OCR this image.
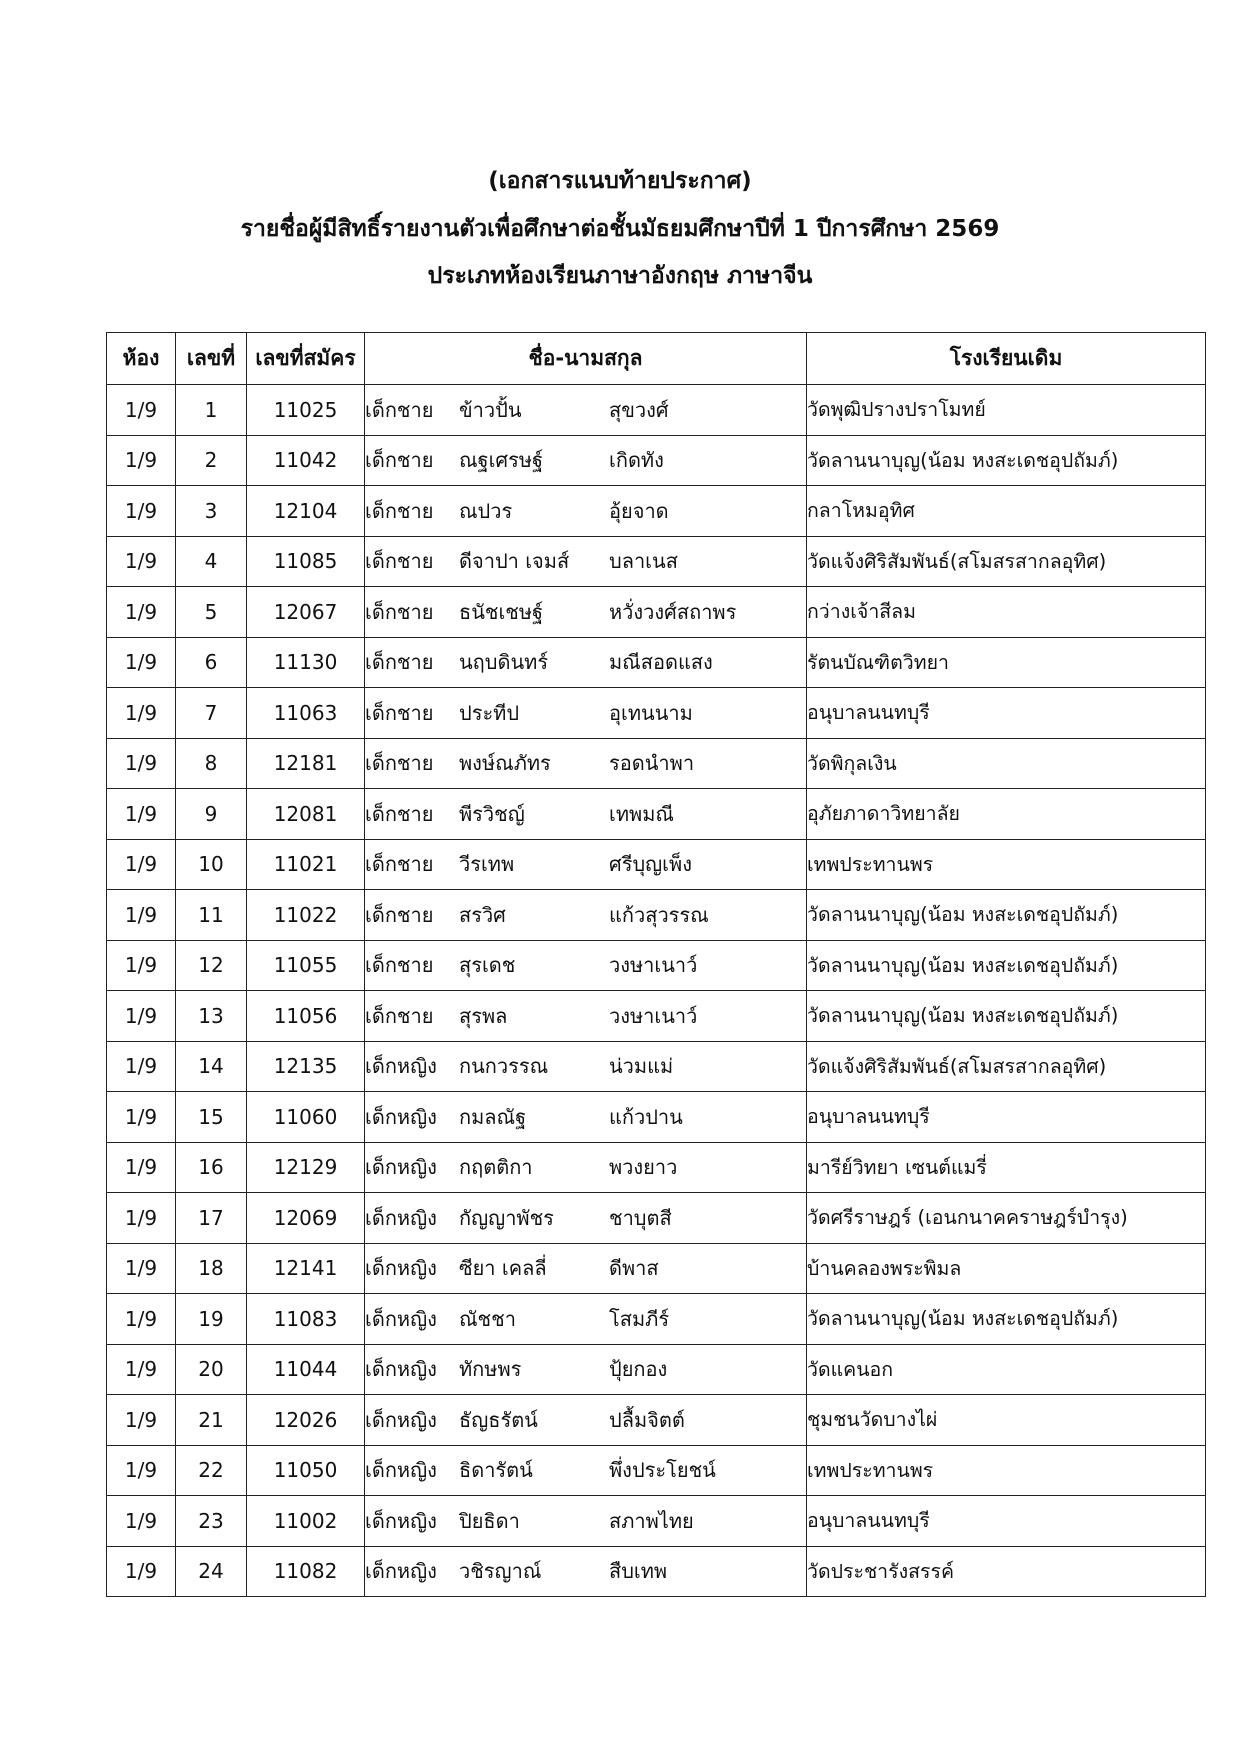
(เอกสารแนบท้ายประกาศ)
รายชื่อผู้มีสิทธิ์รายงานตัวเพื่อศึกษาต่อชั้นมัธยมศึกษาปีที่ 1 ปีการศึกษา 2569
ประเภทห้องเรียนภาษาอังกฤษ ภาษาจีน
ห้อง	เลขที่	เลขที่สมัคร	ชื่อ-นามสกุล	โรงเรียนเดิม
1/9	1	11025	เด็กชาย ข้าวปั้น สุขวงศ์	วัดพุฒิปรางปราโมทย์
1/9	2	11042	เด็กชาย ณฐเศรษฐ์ เกิดทัง	วัดลานนาบุญ(น้อม หงสะเดชอุปถัมภ์)
1/9	3	12104	เด็กชาย ณปวร อุ้ยจาด	กลาโหมอุทิศ
1/9	4	11085	เด็กชาย ดีจาปา เจมส์ บลาเนส	วัดแจ้งศิริสัมพันธ์(สโมสรสากลอุทิศ)
1/9	5	12067	เด็กชาย ธนัชเชษฐ์ หวั่งวงศ์สถาพร	กว่างเจ้าสีลม
1/9	6	11130	เด็กชาย นฤบดินทร์ มณีสอดแสง	รัตนบัณฑิตวิทยา
1/9	7	11063	เด็กชาย ประทีป อุเทนนาม	อนุบาลนนทบุรี
1/9	8	12181	เด็กชาย พงษ์ณภัทร รอดนำพา	วัดพิกุลเงิน
1/9	9	12081	เด็กชาย พีรวิชญ์ เทพมณี	อุภัยภาดาวิทยาลัย
1/9	10	11021	เด็กชาย วีรเทพ ศรีบุญเพ็ง	เทพประทานพร
1/9	11	11022	เด็กชาย สรวิศ แก้วสุวรรณ	วัดลานนาบุญ(น้อม หงสะเดชอุปถัมภ์)
1/9	12	11055	เด็กชาย สุรเดช วงษาเนาว์	วัดลานนาบุญ(น้อม หงสะเดชอุปถัมภ์)
1/9	13	11056	เด็กชาย สุรพล วงษาเนาว์	วัดลานนาบุญ(น้อม หงสะเดชอุปถัมภ์)
1/9	14	12135	เด็กหญิง กนกวรรณ น่วมแม่	วัดแจ้งศิริสัมพันธ์(สโมสรสากลอุทิศ)
1/9	15	11060	เด็กหญิง กมลณัฐ แก้วปาน	อนุบาลนนทบุรี
1/9	16	12129	เด็กหญิง กฤตติกา พวงยาว	มารีย์วิทยา เซนต์แมรี่
1/9	17	12069	เด็กหญิง กัญญาพัชร ชาบุตสี	วัดศรีราษฎร์ (เอนกนาคคราษฎร์บำรุง)
1/9	18	12141	เด็กหญิง ซียา เคลลี่ ดีพาส	บ้านคลองพระพิมล
1/9	19	11083	เด็กหญิง ณัชชา โสมภีร์	วัดลานนาบุญ(น้อม หงสะเดชอุปถัมภ์)
1/9	20	11044	เด็กหญิง ทักษพร ปุ้ยกอง	วัดแคนอก
1/9	21	12026	เด็กหญิง ธัญธรัตน์ ปลื้มจิตต์	ชุมชนวัดบางไผ่
1/9	22	11050	เด็กหญิง ธิดารัตน์ พึ่งประโยชน์	เทพประทานพร
1/9	23	11002	เด็กหญิง ปิยธิดา สภาพไทย	อนุบาลนนทบุรี
1/9	24	11082	เด็กหญิง วชิรญาณ์ สืบเทพ	วัดประชารังสรรค์
